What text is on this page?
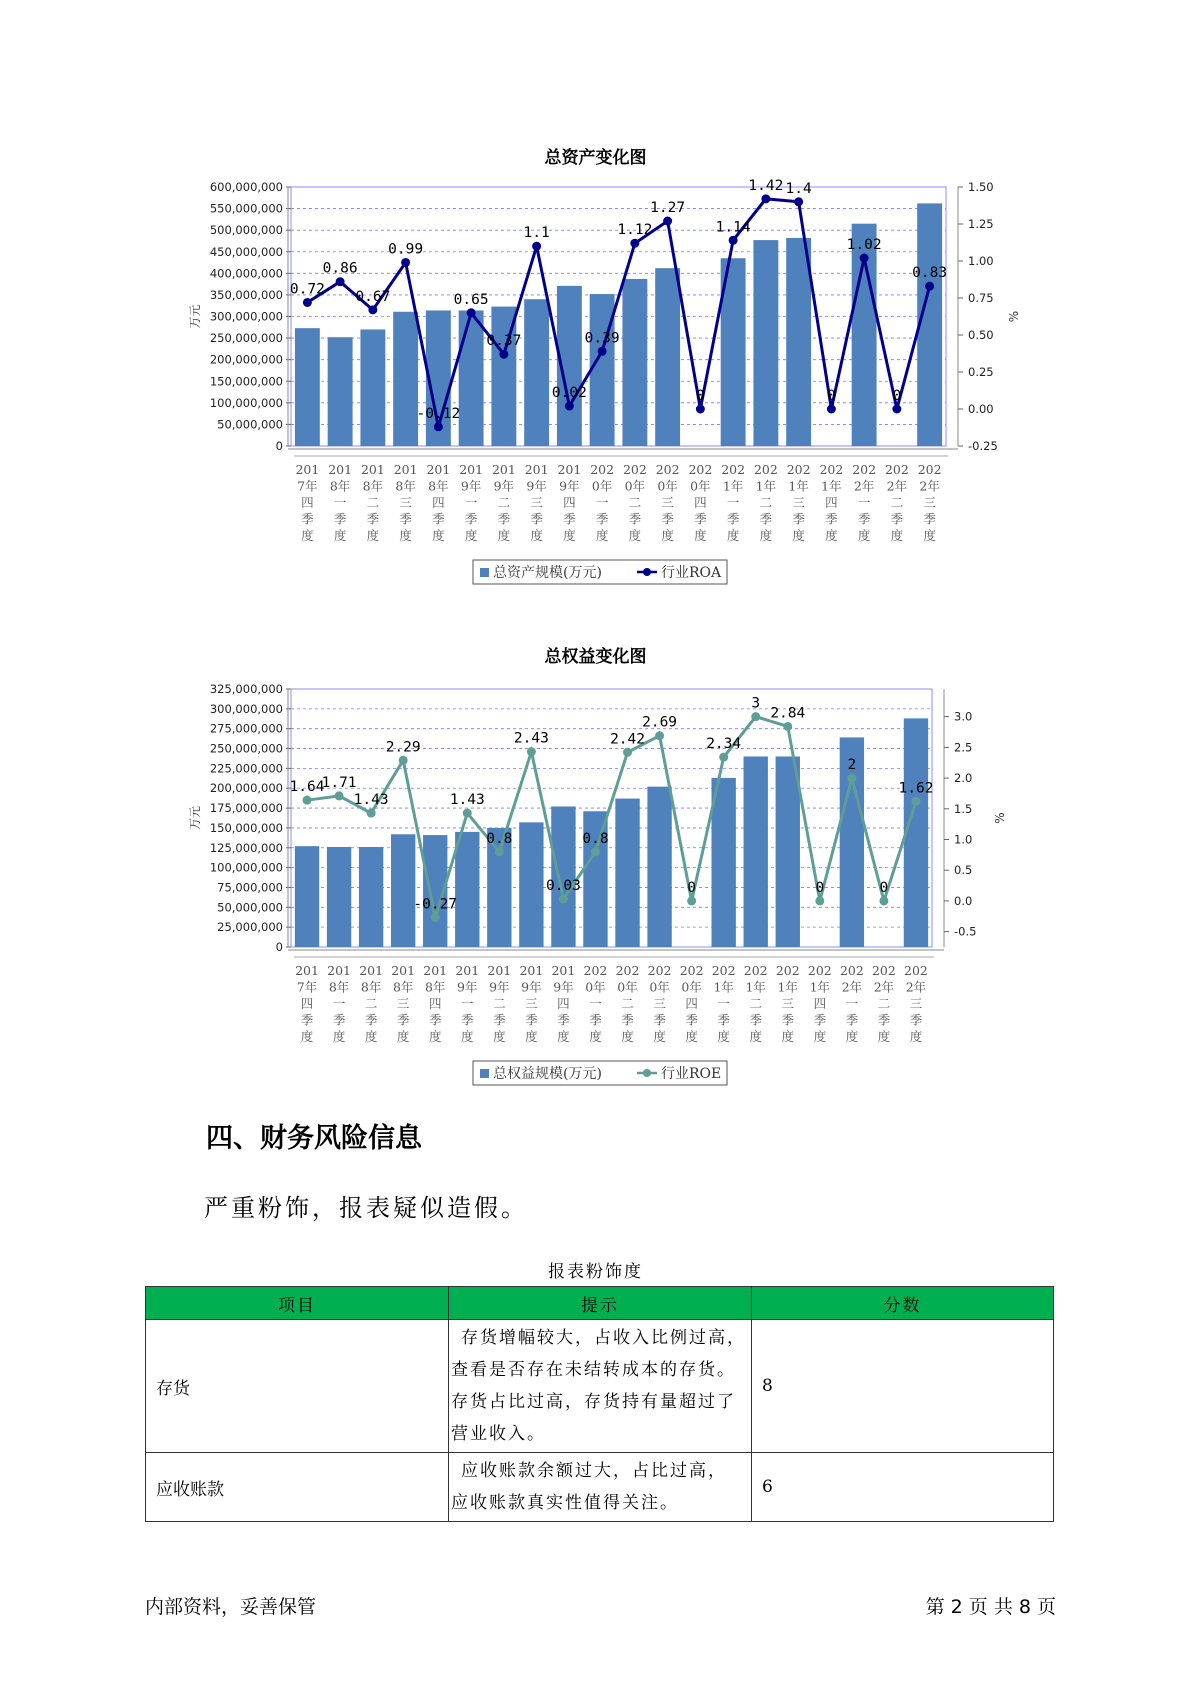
总资产变化图
600,000,000
550,000,000
500,000,000
450,000,000
400,000,000
350,000,000
300,000,000
250,000,000
200,000,000
150,000,000
100,000,000
50,000,000
0
1.50
1.25
1.00
0.75
0.50
0.25
0.00
-0.25
万元	%
201
7年
四
季
度
201
8年
一
季
度
201
8年
二
季
度
201
8年
三
季
度
201
8年
四
季
度
201
9年
一
季
度
201
9年
二
季
度
201
9年
三
季
度
201
9年
四
季
度
202
0年
一
季
度
202
0年
二
季
度
202
0年
三
季
度
202
0年
四
季
度
202
1年
一
季
度
202
1年
二
季
度
202
1年
三
季
度
202
1年
四
季
度
202
2年
一
季
度
202
2年
二
季
度
202
2年
三
季
度
0.72
0.86
0.67
0.99
-0.12
0.65
0.37
1.1
0.02
0.39
1.12
1.27
0
1.14
1.42 1.4
0
1.02
0
0.83
总资产规模(万元)	行业ROA
总权益变化图
325,000,000
300,000,000
275,000,000
250,000,000
225,000,000
200,000,000
175,000,000
150,000,000
125,000,000
100,000,000
75,000,000
50,000,000
25,000,000
0
3.0
2.5
2.0
1.5
1.0
0.5
0.0
-0.5
万元	%
201
7年
四
季
度
201
8年
一
季
度
201
8年
二
季
度
201
8年
三
季
度
201
8年
四
季
度
201
9年
一
季
度
201
9年
二
季
度
201
9年
三
季
度
201
9年
四
季
度
202
0年
一
季
度
202
0年
二
季
度
202
0年
三
季
度
202
0年
四
季
度
202
1年
一
季
度
202
1年
二
季
度
202
1年
三
季
度
202
1年
四
季
度
202
2年
一
季
度
202
2年
二
季
度
202
2年
三
季
度
1.64
1.71
1.43
2.29
-0.27
1.43
0.8
2.43
0.03
0.8
2.42
2.69
0
2.34
3
2.84
0
2
0
1.62
总权益规模(万元)	行业ROE
四、财务风险信息
严重粉饰，报表疑似造假。
报表粉饰度
项目	提示	分数
存货	存货增幅较大，占收入比例过高，
查看是否存在未结转成本的存货。
存货占比过高，存货持有量超过了
营业收入。	8
应收账款	应收账款余额过大，占比过高，
应收账款真实性值得关注。	6
内部资料，妥善保管	第 2 页 共 8 页
